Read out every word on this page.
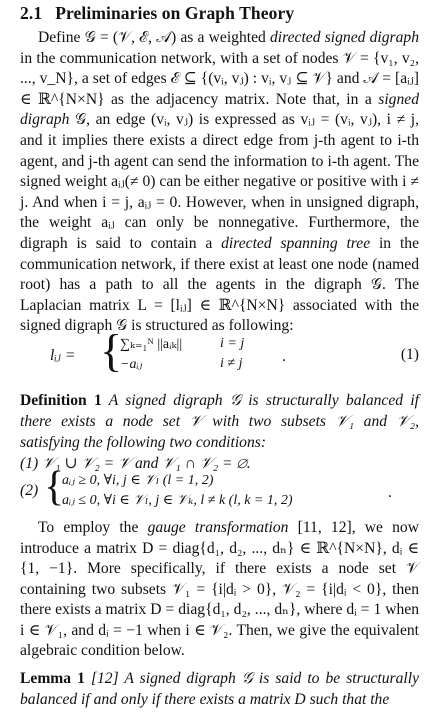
2.1 Preliminaries on Graph Theory

Define 𝒢 = (𝒱, ℰ, 𝒜) as a weighted directed signed digraph in the communication network, with a set of nodes 𝒱 = {v₁, v₂, ..., v_N}, a set of edges ℰ ⊆ {(vᵢ, vⱼ) : vᵢ, vⱼ ⊆ 𝒱} and 𝒜 = [aᵢⱼ] ∈ ℝ^{N×N} as the adjacency matrix. Note that, in a signed digraph 𝒢, an edge (vᵢ, vⱼ) is expressed as vᵢⱼ = (vᵢ, vⱼ), i ≠ j, and it implies there exists a direct edge from j-th agent to i-th agent, and j-th agent can send the information to i-th agent. The signed weight aᵢⱼ(≠ 0) can be either negative or positive with i ≠ j. And when i = j, aᵢⱼ = 0. However, when in unsigned digraph, the weight aᵢⱼ can only be nonnegative. Furthermore, the digraph is said to contain a directed spanning tree in the communication network, if there exist at least one node (named root) has a path to all the agents in the digraph 𝒢. The Laplacian matrix L = [lᵢⱼ] ∈ ℝ^{N×N} associated with the signed digraph 𝒢 is structured as following:

lᵢⱼ = {
∑ₖ₌₁ᴺ ||aᵢₖ||
−aᵢⱼ
i = j
i ≠ j	.	(1)

Definition 1 A signed digraph 𝒢 is structurally balanced if there exists a node set 𝒱 with two subsets 𝒱₁ and 𝒱₂, satisfying the following two conditions:
(1) 𝒱₁ ∪ 𝒱₂ = 𝒱 and 𝒱₁ ∩ 𝒱₂ = ∅.

(2) {
aᵢⱼ ≥ 0, ∀i, j ∈ 𝒱ₗ (l = 1, 2)
aᵢⱼ ≤ 0, ∀i ∈ 𝒱ₗ, j ∈ 𝒱ₖ, l ≠ k (l, k = 1, 2)	.

To employ the gauge transformation [11, 12], we now introduce a matrix D = diag{d₁, d₂, ..., dₙ} ∈ ℝ^{N×N}, dᵢ ∈ {1, −1}. More specifically, if there exists a node set 𝒱 containing two subsets 𝒱₁ = {i|dᵢ > 0}, 𝒱₂ = {i|dᵢ < 0}, then there exists a matrix D = diag{d₁, d₂, ..., dₙ}, where dᵢ = 1 when i ∈ 𝒱₁, and dᵢ = −1 when i ∈ 𝒱₂. Then, we give the equivalent algebraic condition below.

Lemma 1 [12] A signed digraph 𝒢 is said to be structurally balanced if and only if there exists a matrix D such that the
